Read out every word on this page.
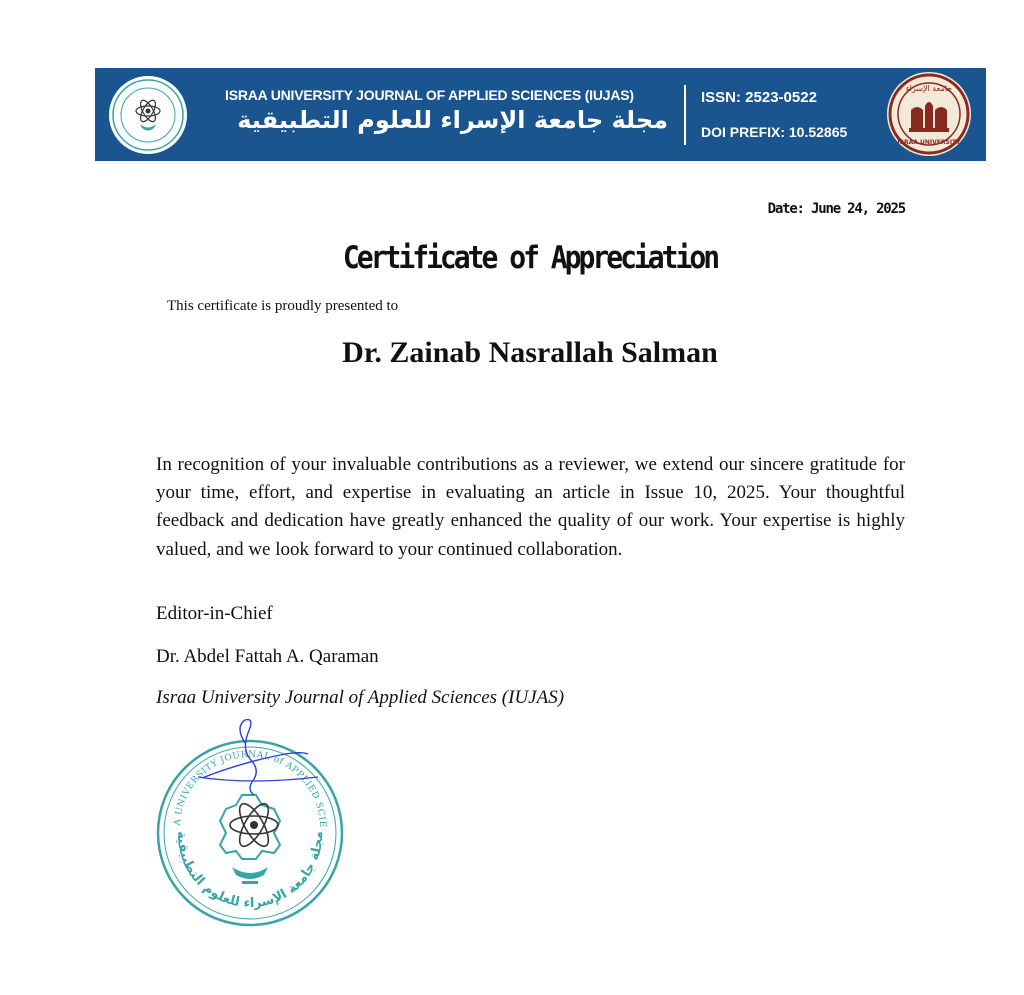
ISRAA UNIVERSITY JOURNAL OF APPLIED SCIENCES (IUJAS)
مجلة جامعة الإسراء للعلوم التطبيقية
ISSN: 2523-0522
DOI PREFIX: 10.52865
جامعة الإسراء
ISRAA UNIVERSITY
Date: June 24, 2025
Certificate of Appreciation
This certificate is proudly presented to
Dr. Zainab Nasrallah Salman
In recognition of your invaluable contributions as a reviewer, we extend our sincere gratitude for your time, effort, and expertise in evaluating an article in Issue 10, 2025. Your thoughtful feedback and dedication have greatly enhanced the quality of our work. Your expertise is highly valued, and we look forward to your continued collaboration.
Editor-in-Chief
Dr. Abdel Fattah A. Qaraman
Israa University Journal of Applied Sciences (IUJAS)
A UNIVERSITY JOURNAL of APPLIED SCIE
مجلة جامعة الإسراء للعلوم التطبيقية
